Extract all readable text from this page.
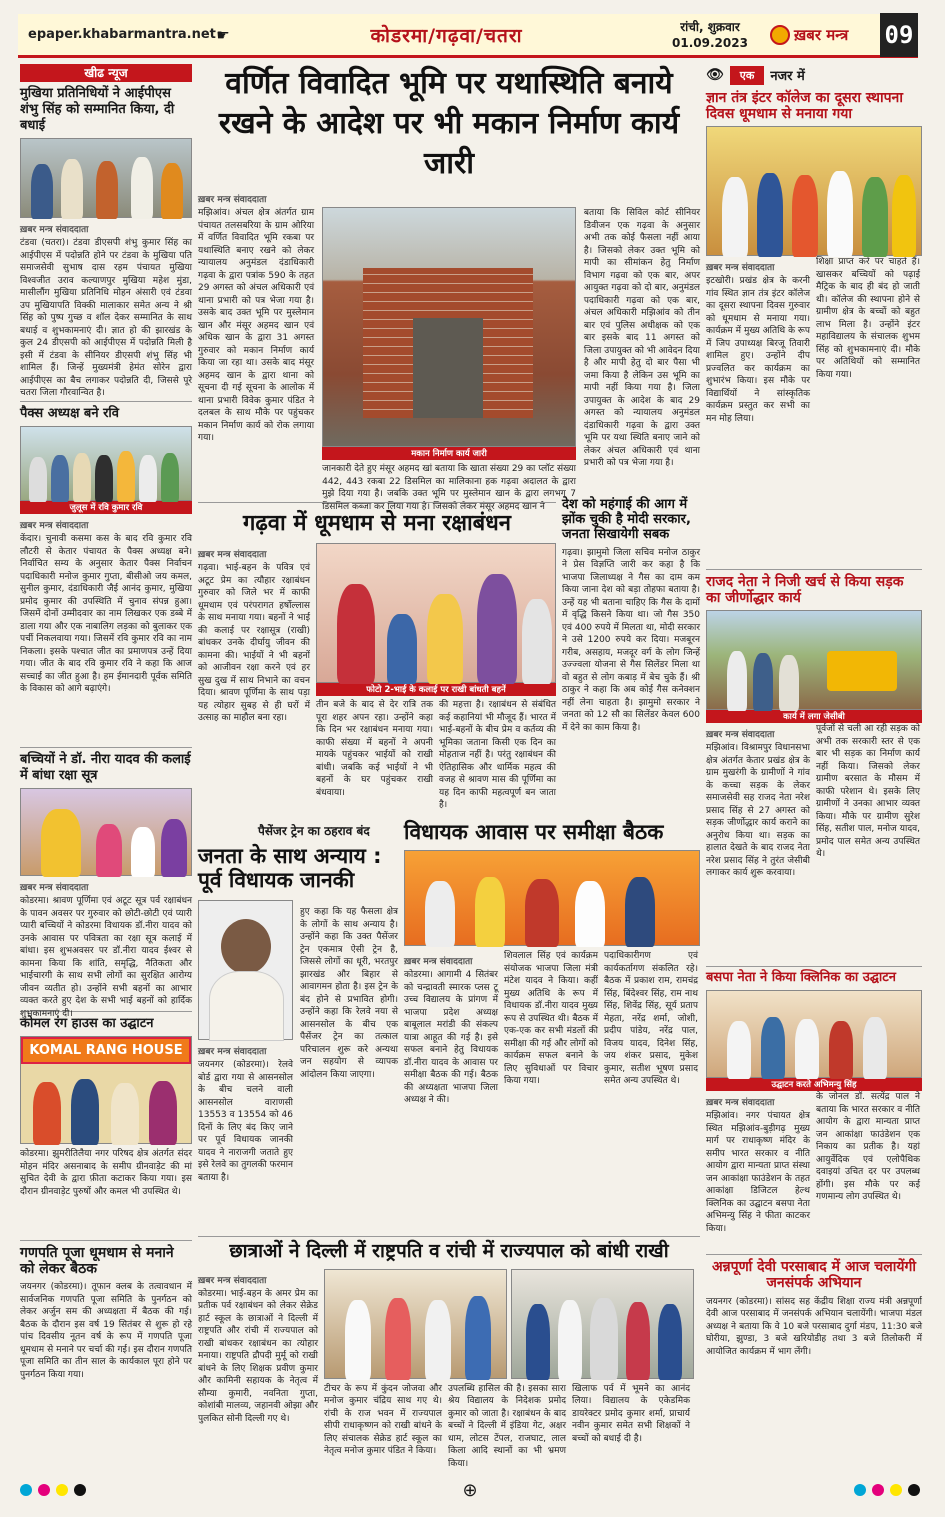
epaper.khabarmantra.net ☛	कोडरमा/गढ़वा/चतरा	रांची, शुक्रवार
01.09.2023	ख़बर मन्त्र 09
खीढ न्यूज
मुखिया प्रतिनिधियों ने आईपीएस शंभु सिंह को सम्मानित किया, दी बधाई
ख़बर मन्त्र संवाददाता
टंडवा (चतरा)। टंडवा डीएसपी शंभु कुमार सिंह का आईपीएस में पदोन्नति होने पर टंडवा के मुखिया पति समाजसेवी सुभाष दास रहम पंचायत मुखिया विश्वजीत उराव कल्याणपुर मुखिया महेश मुंडा, मासीलौंग मुखिया प्रतिनिधि मोहन अंसारी एवं टंडवा उप मुखियापति विक्की मालाकार समेत अन्य ने श्री सिंह को पुष्प गुच्छ व शॉल देकर सम्मानित के साथ बधाई व शुभकामनाएं दी। ज्ञात हो की झारखंड के कुल 24 डीएसपी को आईपीएस में पदोन्नति मिली है इसी में टंडवा के सीनियर डीएसपी शंभु सिंह भी शामिल हैं। जिन्हें मुख्यमंत्री हेमंत सोरेन द्वारा आईपीएस का बैच लगाकर पदोन्नति दी, जिससे पूरे चतरा जिला गौरवान्वित है।
पैक्स अध्यक्ष बने रवि
जुलूस में रवि कुमार रवि
ख़बर मन्त्र संवाददाता
केंदार। चुनावी कसमा कस के बाद रवि कुमार रवि लौटरी से केतार पंचायत के पैक्स अध्यक्ष बने। निर्वाचित सम्य के अनुसार केतार पैक्स निर्वाचन पदाधिकारी मनोज कुमार गुप्ता, बीसीओ जय कमल, सुनील कुमार, दंडाधिकारी जैई आनंद कुमार, मुखिया प्रमोद कुमार की उपस्थिति में चुनाव संपन्न हुआ। जिसमें दोनों उम्मीदवार का नाम लिखकर एक डब्बे में डाला गया और एक नाबालिग लड़का को बुलाकर एक पर्ची निकलवाया गया। जिसमें रवि कुमार रवि का नाम निकला। इसके पश्चात जीत का प्रमाणपत्र उन्हें दिया गया। जीत के बाद रवि कुमार रवि ने कहा कि आज सच्चाई का जीत हुआ है। हम ईमानदारी पूर्वक समिति के विकास को आगे बढ़ाएंगे।
बच्चियों ने डॉ. नीरा यादव की कलाई में बांधा रक्षा सूत्र
ख़बर मन्त्र संवाददाता
कोडरमा। श्रावण पूर्णिमा एवं अटूट सूत्र पर्व रक्षाबंधन के पावन अवसर पर गुरुवार को छोटी-छोटी एवं प्यारी प्यारी बच्चियों ने कोडरमा विधायक डॉ.नीरा यादव को उनके आवास पर पवित्रता का रक्षा सूत्र कलाई में बांधा। इस शुभअवसर पर डॉ.नीरा यादव ईश्वर से कामना किया कि शांति, समृद्धि, नैतिकता और भाईचारगी के साथ सभी लोगों का सुरक्षित आरोग्य जीवन व्यतीत हो। उन्होंने सभी बहनों का आभार व्यक्त करते हुए देश के सभी भाई बहनों को हार्दिक शुभकामनाएं दी।
कोमल रंग हाउस का उद्घाटन
KOMAL RANG HOUSE
कोडरमा। झुमरीतिलैया नगर परिषद क्षेत्र अंतर्गत संदर मोहन मंदिर असनाबाद के समीप ग्रीनवाड़ेट की मां सुचित देवी के द्वारा फ़ीता कटाकर किया गया। इस दौरान ग्रीनवाड़ेट पुरुषों और कमल भी उपस्थित थे।
गणपति पूजा धूमधाम से मनाने को लेकर बैठक
जयनगर (कोडरमा)। तूफान क्लब के तत्वावधान में सार्वजनिक गणपति पूजा समिति के पुनर्गठन को लेकर अर्जुन सम की अध्यक्षता में बैठक की गई। बैठक के दौरान इस वर्ष 19 सितंबर से शुरू हो रहे पांच दिवसीय नूतन वर्ष के रूप में गणपति पूजा धूमधाम से मनाने पर चर्चा की गई। इस दौरान गणपति पूजा समिति का तीन साल के कार्यकाल पूरा होने पर पुनर्गठन किया गया।
वर्णित विवादित भूमि पर यथास्थिति बनाये रखने के आदेश पर भी मकान निर्माण कार्य जारी
ख़बर मन्त्र संवाददाता
मझिआंव। अंचल क्षेत्र अंतर्गत ग्राम पंचायत तलसबरिया के ग्राम ओरिया में वर्णित विवादित भूमि रकबा पर यथास्थिति बनाए रखने को लेकर न्यायालय अनुमंडल दंडाधिकारी गढ़वा के द्वारा पत्रांक 590 के तहत 29 अगस्त को अंचल अधिकारी एवं थाना प्रभारी को पत्र भेजा गया है। उसके बाद उक्त भूमि पर मुस्लेमान खान और मंसूर अहमद खान एवं अधिक खान के द्वारा 31 अगस्त गुरुवार को मकान निर्माण कार्य किया जा रहा था। उसके बाद मंसूर अहमद खान के द्वारा थाना को सूचना दी गई सूचना के आलोक में थाना प्रभारी विवेक कुमार पंडित ने दलबल के साथ मौके पर पहुंचकर मकान निर्माण कार्य को रोक लगाया गया।
मकान निर्माण कार्य जारी
जानकारी देते हुए मंसूर अहमद खां बताया कि खाता संख्या 29 का प्लॉट संख्या 442, 443 रकबा 22 डिसमिल का मालिकाना हक गढ़वा अदालत के द्वारा मुझे दिया गया है। जबकि उक्त भूमि पर मुस्लेमान खान के द्वारा लगभग 7 डिसमिल कब्जा कर लिया गया है। जिसको लेकर मंसूर अहमद खान ने
बताया कि सिविल कोर्ट सीनियर डिवीजन एक गढ़वा के अनुसार अभी तक कोई फैसला नहीं आया है। जिसको लेकर उक्त भूमि को मापी का सीमांकन हेतु निर्माण विभाग गढ़वा को एक बार, अपर आयुक्त गढ़वा को दो बार, अनुमंडल पदाधिकारी गढ़वा को एक बार, अंचल अधिकारी मझिआंव को तीन बार एवं पुलिस अधीक्षक को एक बार इसके बाद 11 अगस्त को जिला उपायुक्त को भी आवेदन दिया है और मापी हेतु दो बार पैसा भी जमा किया है लेकिन उस भूमि का मापी नहीं किया गया है। जिला उपायुक्त के आदेश के बाद 29 अगस्त को न्यायालय अनुमंडल दंडाधिकारी गढ़वा के द्वारा उक्त भूमि पर यथा स्थिति बनाए जाने को लेकर अंचल अधिकारी एवं थाना प्रभारी को पत्र भेजा गया है।
गढ़वा में धूमधाम से मना रक्षाबंधन
ख़बर मन्त्र संवाददाता
गढ़वा। भाई-बहन के पवित्र एवं अटूट प्रेम का त्यौहार रक्षाबंधन गुरुवार को जिले भर में काफी धूमधाम एवं परंपरागत हर्षोल्लास के साथ मनाया गया। बहनों ने भाई की कलाई पर रक्षासूत्र (राखी) बांधकर उनके दीर्घायु जीवन की कामना की। भाईयों ने भी बहनों को आजीवन रक्षा करने एवं हर सुख दुख में साथ निभाने का वचन दिया। श्रावण पूर्णिमा के साथ पड़ा यह त्योहार सुबह से ही घरों में उत्साह का माहौल बना रहा।
फोटो 2-भाई के कलाई पर राखी बांधती बहनें
तीन बजे के बाद से देर रात्रि तक पूरा शहर अपन रहा। उन्होंने कहा कि दिन भर रक्षाबंधन मनाया गया। काफी संख्या में बहनों ने अपनी मायके पहुंचकर भाईयों को राखी बांधी। जबकि कई भाईयों ने भी बहनों के घर पहुंचकर राखी बंधवाया।
की महत्ता है। रक्षाबंधन से संबंधित कई कहानियां भी मौजूद हैं। भारत में भाई-बहनों के बीच प्रेम व कर्तव्य की भूमिका जताना किसी एक दिन का मोहताज नहीं है। परंतु रक्षाबंधन की ऐतिहासिक और धार्मिक महत्व की वजह से श्रावण मास की पूर्णिमा का यह दिन काफी महत्वपूर्ण बन जाता है।
देश को महंगाई की आग में झोंक चुकी है मोदी सरकार, जनता सिखायेगी सबक
गढ़वा। झामुमो जिला सचिव मनोज ठाकुर ने प्रेस विज्ञप्ति जारी कर कहा है कि भाजपा जिलाध्यक्ष ने गैस का दाम कम किया जाना देश को बड़ा तोहफा बताया है। उन्हें यह भी बताना चाहिए कि गैस के दामों में वृद्धि किसने किया था। जो गैस 350 एवं 400 रुपये में मिलता था, मोदी सरकार ने उसे 1200 रुपये कर दिया। मजबूरन गरीब, असहाय, मजदूर वर्ग के लोग जिन्हें उज्ज्वला योजना से गैस सिलेंडर मिला था वो बहुत से लोग कबाड़ में बेच चुके हैं। श्री ठाकुर ने कहा कि अब कोई गैस कनेक्शन नहीं लेना चाहता है। झामुमो सरकार ने जनता को 12 सौ का सिलेंडर केवल 600 में देने का काम किया है।
पैसेंजर ट्रेन का ठहराव बंद
जनता के साथ अन्याय : पूर्व विधायक जानकी
ख़बर मन्त्र संवाददाता
जयनगर (कोडरमा)। रेलवे बोर्ड द्वारा गया से आसनसोल के बीच चलने वाली आसनसोल वाराणसी 13553 व 13554 को 46 दिनों के लिए बंद किए जाने पर पूर्व विधायक जानकी यादव ने नाराजगी जताते हुए इसे रेलवे का तुगलकी फरमान बताया है।
हुए कहा कि यह फैसला क्षेत्र के लोगों के साथ अन्याय है। उन्होंने कहा कि उक्त पैसेंजर ट्रेन एकमात्र ऐसी ट्रेन है, जिससे लोगों का धूरी, भरतपुर झारखंड और बिहार से आवागमन होता है। इस ट्रेन के बंद होने से प्रभावित होगी। उन्होंने कहा कि रेलवे नया से आसनसोल के बीच एक पैसेंजर ट्रेन का तत्काल परिचालन शुरू करे अन्यथा जन सहयोग से व्यापक आंदोलन किया जाएगा।
विधायक आवास पर समीक्षा बैठक
ख़बर मन्त्र संवाददाता
कोडरमा। आगामी 4 सितंबर को चन्द्रावती स्मारक प्लस टू उच्च विद्यालय के प्रांगण में भाजपा प्रदेश अध्यक्ष बाबूलाल मरांडी की संकल्प यात्रा आहूत की गई है। इसे सफल बनाने हेतु विधायक डॉ.नीरा यादव के आवास पर समीक्षा बैठक की गई। बैठक की अध्यक्षता भाजपा जिला अध्यक्ष ने की।
शिवलाल सिंह एवं कार्यक्रम संयोजक भाजपा जिला मंत्री मंटेश यादव ने किया। कहीं मुख्य अतिथि के रूप में विधायक डॉ.नीरा यादव मुख्य रूप से उपस्थित थी। बैठक में एक-एक कर सभी मंडलों की समीक्षा की गई और लोगों को कार्यक्रम सफल बनाने के लिए सुविधाओं पर विचार किया गया।
पदाधिकारीगण एवं कार्यकर्तागण संकलित रहे। बैठक में प्रकाश राम, रामचंद्र सिंह, बिंदेश्वर सिंह, राम नाथ सिंह, शिवेंद्र सिंह, सूर्य प्रताप मेहता, नरेंद्र शर्मा, जोशी, प्रदीप पांडेय, नरेंद्र पाल, विजय यादव, दिनेश सिंह, जय शंकर प्रसाद, मुकेश कुमार, सतीश भूषण प्रसाद समेत अन्य उपस्थित थे।
छात्राओं ने दिल्ली में राष्ट्रपति व रांची में राज्यपाल को बांधी राखी
ख़बर मन्त्र संवाददाता
कोडरमा। भाई-बहन के अमर प्रेम का प्रतीक पर्व रक्षाबंधन को लेकर सेक्रेड हार्ट स्कूल के छात्राओं ने दिल्ली में राष्ट्रपति और रांची में राज्यपाल को राखी बांधकर रक्षाबंधन का त्योहार मनाया। राष्ट्रपति द्रौपदी मुर्मू को राखी बांधने के लिए शिक्षक प्रवीण कुमार और कामिनी सहायक के नेतृत्व में सौम्या कुमारी, नवनिता गुप्ता, कोशांबी मालव्य, जहानवी ओझा और पुलकित सोनी दिल्ली गए थे।
टीचर के रूप में कुंदन जोजवा और मनोज कुमार चंद्रिय साथ गए थे। रांची के राज भवन में राज्यपाल सीपी राधाकृष्णन को राखी बांधने के लिए संचालक सेक्रेड हार्ट स्कूल का नेतृत्व मनोज कुमार पंडित ने किया।
उपलब्धि हासिल की है। इसका सारा श्रेय विद्यालय के निदेशक प्रमोद कुमार को जाता है। रक्षाबंधन के बाद बच्चों ने दिल्ली में इंडिया गेट, अक्षर धाम, लोटस टेंपल, राजघाट, लाल किला आदि स्थानों का भी भ्रमण किया।
खिलाफ पर्व में भूमने का आनंद लिया। विद्यालय के एकेडमिक डायरेक्टर प्रमोद कुमार शर्मा, प्राचार्य नवीन कुमार समेत सभी शिक्षकों ने बच्चों को बधाई दी है।
👁	एक	नजर में
ज्ञान तंत्र इंटर कॉलेज का दूसरा स्थापना दिवस धूमधाम से मनाया गया
ख़बर मन्त्र संवाददाता
इटखोरी। प्रखंड क्षेत्र के करनी गांव स्थित ज्ञान तंत्र इंटर कॉलेज का दूसरा स्थापना दिवस गुरुवार को धूमधाम से मनाया गया। कार्यक्रम में मुख्य अतिथि के रूप में जिप उपाध्यक्ष बिरजू तिवारी शामिल हुए। उन्होंने दीप प्रज्वलित कर कार्यक्रम का शुभारंभ किया। इस मौके पर विद्यार्थियों ने सांस्कृतिक कार्यक्रम प्रस्तुत कर सभी का मन मोह लिया।
शिक्षा प्राप्त करें पर चाहते हैं। खासकर बच्चियों को पढ़ाई मैट्रिक के बाद ही बंद हो जाती थी। कॉलेज की स्थापना होने से ग्रामीण क्षेत्र के बच्चों को बहुत लाभ मिला है। उन्होंने इंटर महाविद्यालय के संचालक शुभम सिंह को शुभकामनाएं दी। मौके पर अतिथियों को सम्मानित किया गया।
राजद नेता ने निजी खर्च से किया सड़क का जीर्णोद्धार कार्य
कार्य में लगा जेसीबी
ख़बर मन्त्र संवाददाता
मझिआंव। विश्रामपुर विधानसभा क्षेत्र अंतर्गत केतार प्रखंड क्षेत्र के ग्राम मुखरंगी के ग्रामीणों ने गांव के कच्चा सड़क के लेकर समाजसेवी सह राजद नेता नरेश प्रसाद सिंह से 27 अगस्त को सड़क जीर्णोद्धार कार्य कराने का अनुरोध किया था। सड़क का हालात देखते के बाद राजद नेता नरेश प्रसाद सिंह ने तुरंत जेसीबी लगाकर कार्य शुरू करवाया।
पूर्वजों से चली आ रही सड़क को अभी तक सरकारी स्तर से एक बार भी सड़क का निर्माण कार्य नहीं किया। जिसको लेकर ग्रामीण बरसात के मौसम में काफी परेशान थे। इसके लिए ग्रामीणों ने उनका आभार व्यक्त किया। मौके पर ग्रामीण सुरेश सिंह, सतीश पाल, मनोज यादव, प्रमोद पाल समेत अन्य उपस्थित थे।
बसपा नेता ने किया क्लिनिक का उद्घाटन
उद्घाटन करते अभिमन्यु सिंह
ख़बर मन्त्र संवाददाता
मझिआंव। नगर पंचायत क्षेत्र स्थित मझिआंव-बुड़ीगढ़ मुख्य मार्ग पर राधाकृष्ण मंदिर के समीप भारत सरकार व नीति आयोग द्वारा मान्यता प्राप्त संस्था जन आकांक्षा फाउंडेशन के तहत आकांक्षा डिजिटल हेल्थ क्लिनिक का उद्घाटन बसपा नेता अभिमन्यु सिंह ने फीता काटकर किया।
के जोनल डॉ. सत्येंद्र पाल ने बताया कि भारत सरकार व नीति आयोग के द्वारा मान्यता प्राप्त जन आकांक्षा फाउंडेशन एक निकाय का प्रतीक है। यहां आयुर्वेदिक एवं एलोपैथिक दवाइयां उचित दर पर उपलब्ध होंगी। इस मौके पर कई गणमान्य लोग उपस्थित थे।
अन्नपूर्णा देवी परसाबाद में आज चलायेंगी जनसंपर्क अभियान
जयनगर (कोडरमा)। सांसद सह केंद्रीय शिक्षा राज्य मंत्री अन्नपूर्णा देवी आज परसाबाद में जनसंपर्क अभियान चलायेंगी। भाजपा मंडल अध्यक्ष ने बताया कि वे 10 बजे परसाबाद दुर्गा मंडप, 11:30 बजे घोरीया, झुण्डा, 3 बजे खरियोडीह तथा 3 बजे तिलोकरी में आयोजित कार्यक्रम में भाग लेंगी।
⊕
